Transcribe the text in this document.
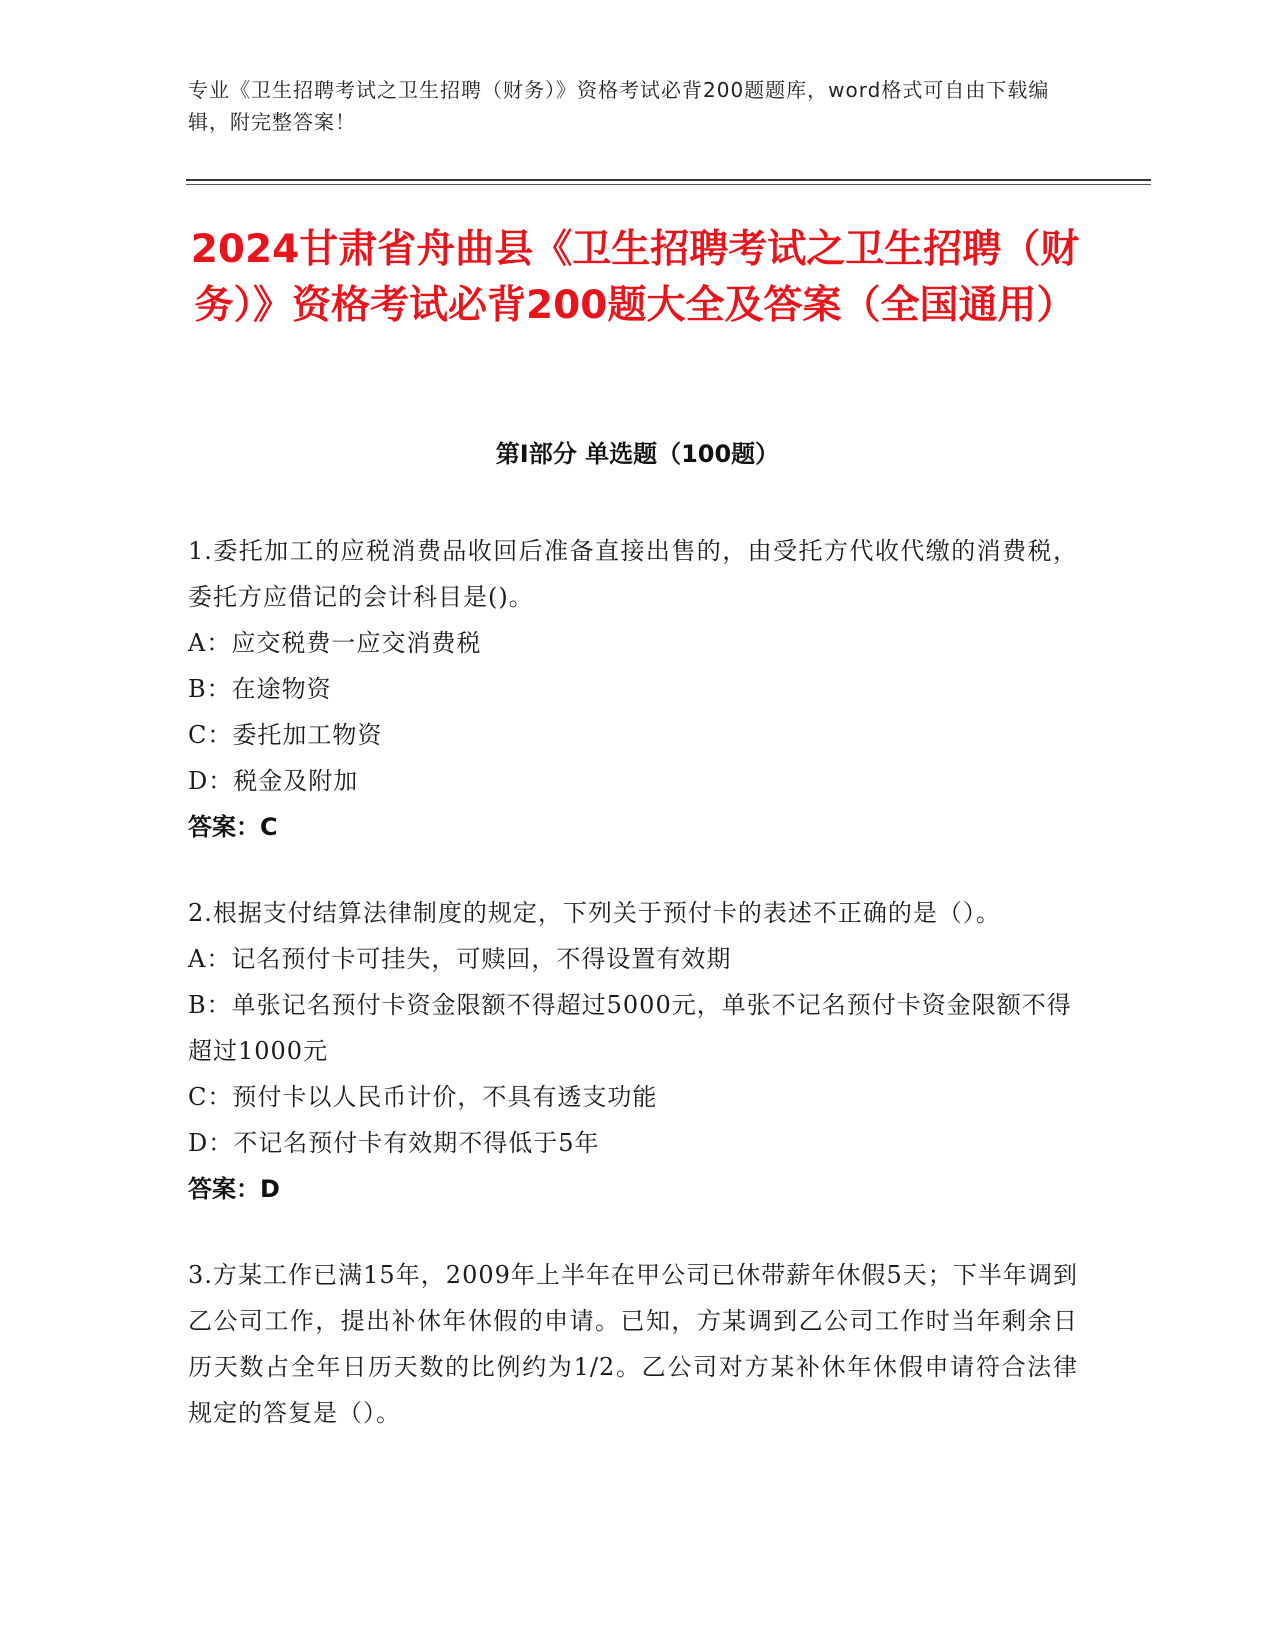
专业《卫生招聘考试之卫生招聘（财务）》资格考试必背200题题库，word格式可自由下载编辑，附完整答案！
2024甘肃省舟曲县《卫生招聘考试之卫生招聘（财务）》资格考试必背200题大全及答案（全国通用）
第Ⅰ部分 单选题（100题）
1.委托加工的应税消费品收回后准备直接出售的，由受托方代收代缴的消费税，委托方应借记的会计科目是()。
A：应交税费一应交消费税
B：在途物资
C：委托加工物资
D：税金及附加
答案：C
2.根据支付结算法律制度的规定，下列关于预付卡的表述不正确的是（）。
A：记名预付卡可挂失，可赎回，不得设置有效期
B：单张记名预付卡资金限额不得超过5000元，单张不记名预付卡资金限额不得超过1000元
C：预付卡以人民币计价，不具有透支功能
D：不记名预付卡有效期不得低于5年
答案：D
3.方某工作已满15年，2009年上半年在甲公司已休带薪年休假5天；下半年调到乙公司工作，提出补休年休假的申请。已知，方某调到乙公司工作时当年剩余日历天数占全年日历天数的比例约为1/2。乙公司对方某补休年休假申请符合法律规定的答复是（）。
